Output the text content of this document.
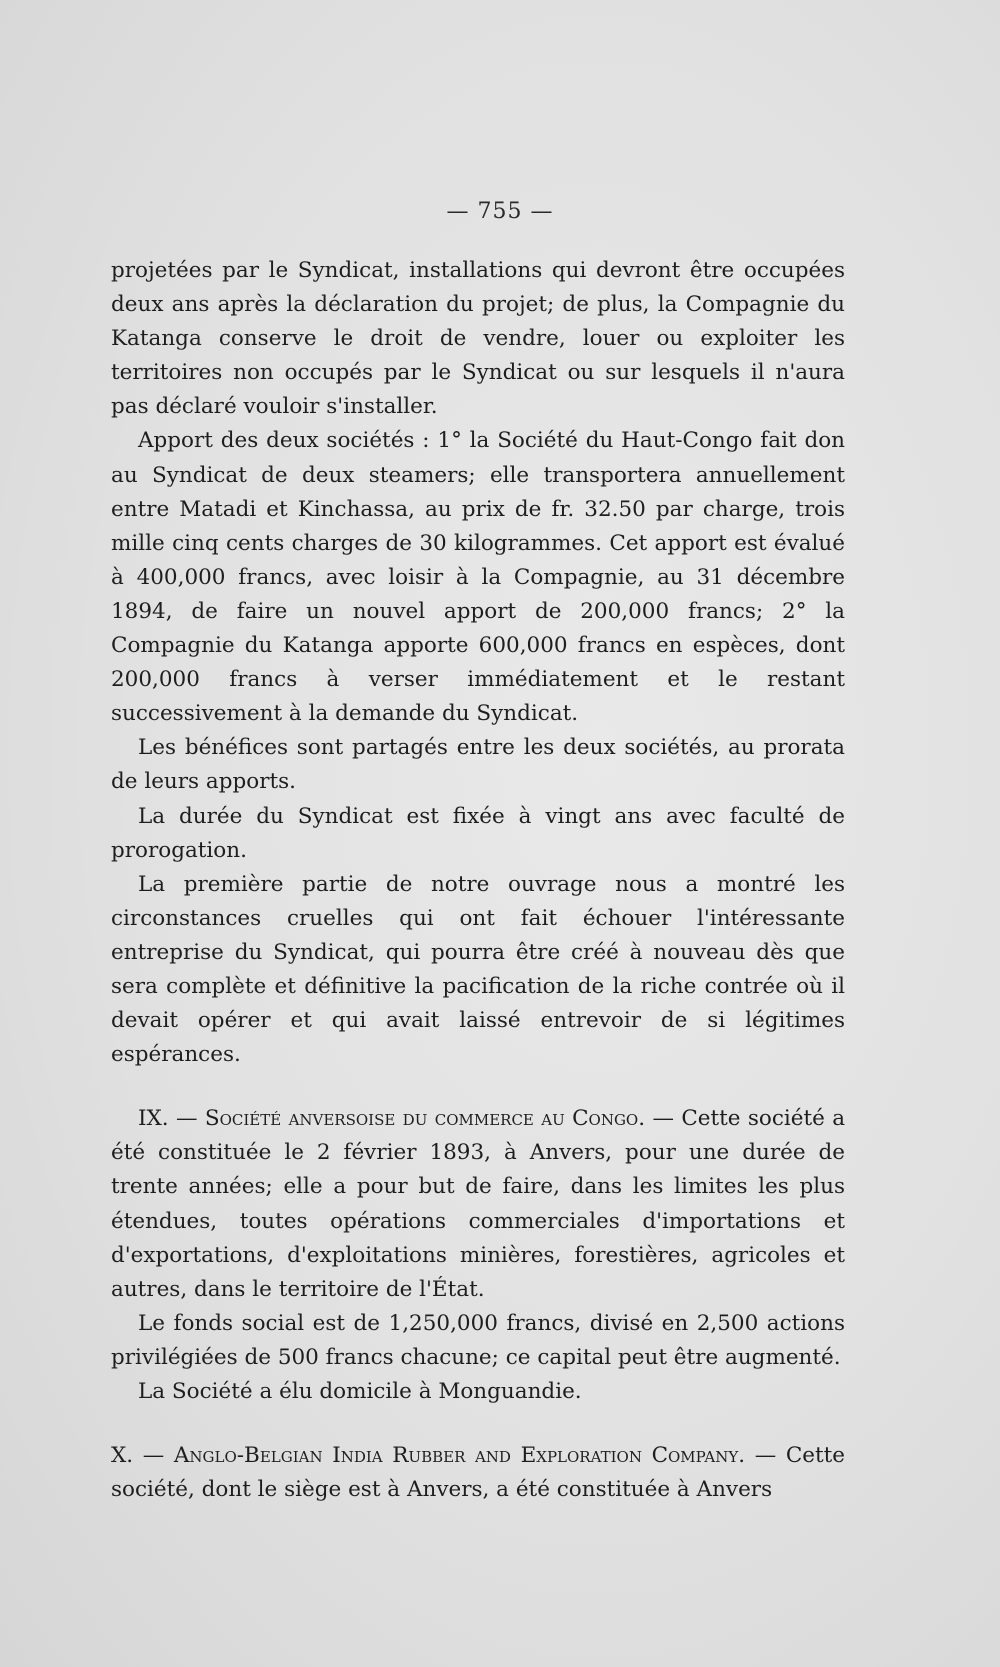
— 755 —

projetées par le Syndicat, installations qui devront être occupées deux ans après la déclaration du projet; de plus, la Compagnie du Katanga conserve le droit de vendre, louer ou exploiter les territoires non occupés par le Syndicat ou sur lesquels il n'aura pas déclaré vouloir s'installer.

Apport des deux sociétés : 1° la Société du Haut-Congo fait don au Syndicat de deux steamers; elle transportera annuellement entre Matadi et Kinchassa, au prix de fr. 32.50 par charge, trois mille cinq cents charges de 30 kilogrammes. Cet apport est évalué à 400,000 francs, avec loisir à la Compagnie, au 31 décembre 1894, de faire un nouvel apport de 200,000 francs; 2° la Compagnie du Katanga apporte 600,000 francs en espèces, dont 200,000 francs à verser immédiatement et le restant successivement à la demande du Syndicat.

Les bénéfices sont partagés entre les deux sociétés, au prorata de leurs apports.

La durée du Syndicat est fixée à vingt ans avec faculté de prorogation.

La première partie de notre ouvrage nous a montré les circonstances cruelles qui ont fait échouer l'intéressante entreprise du Syndicat, qui pourra être créé à nouveau dès que sera complète et définitive la pacification de la riche contrée où il devait opérer et qui avait laissé entrevoir de si légitimes espérances.

IX. — Société anversoise du commerce au Congo. — Cette société a été constituée le 2 février 1893, à Anvers, pour une durée de trente années; elle a pour but de faire, dans les limites les plus étendues, toutes opérations commerciales d'importations et d'exportations, d'exploitations minières, forestières, agricoles et autres, dans le territoire de l'État.

Le fonds social est de 1,250,000 francs, divisé en 2,500 actions privilégiées de 500 francs chacune; ce capital peut être augmenté.

La Société a élu domicile à Monguandie.

X. — Anglo-Belgian India Rubber and Exploration Company. — Cette société, dont le siège est à Anvers, a été constituée à Anvers
